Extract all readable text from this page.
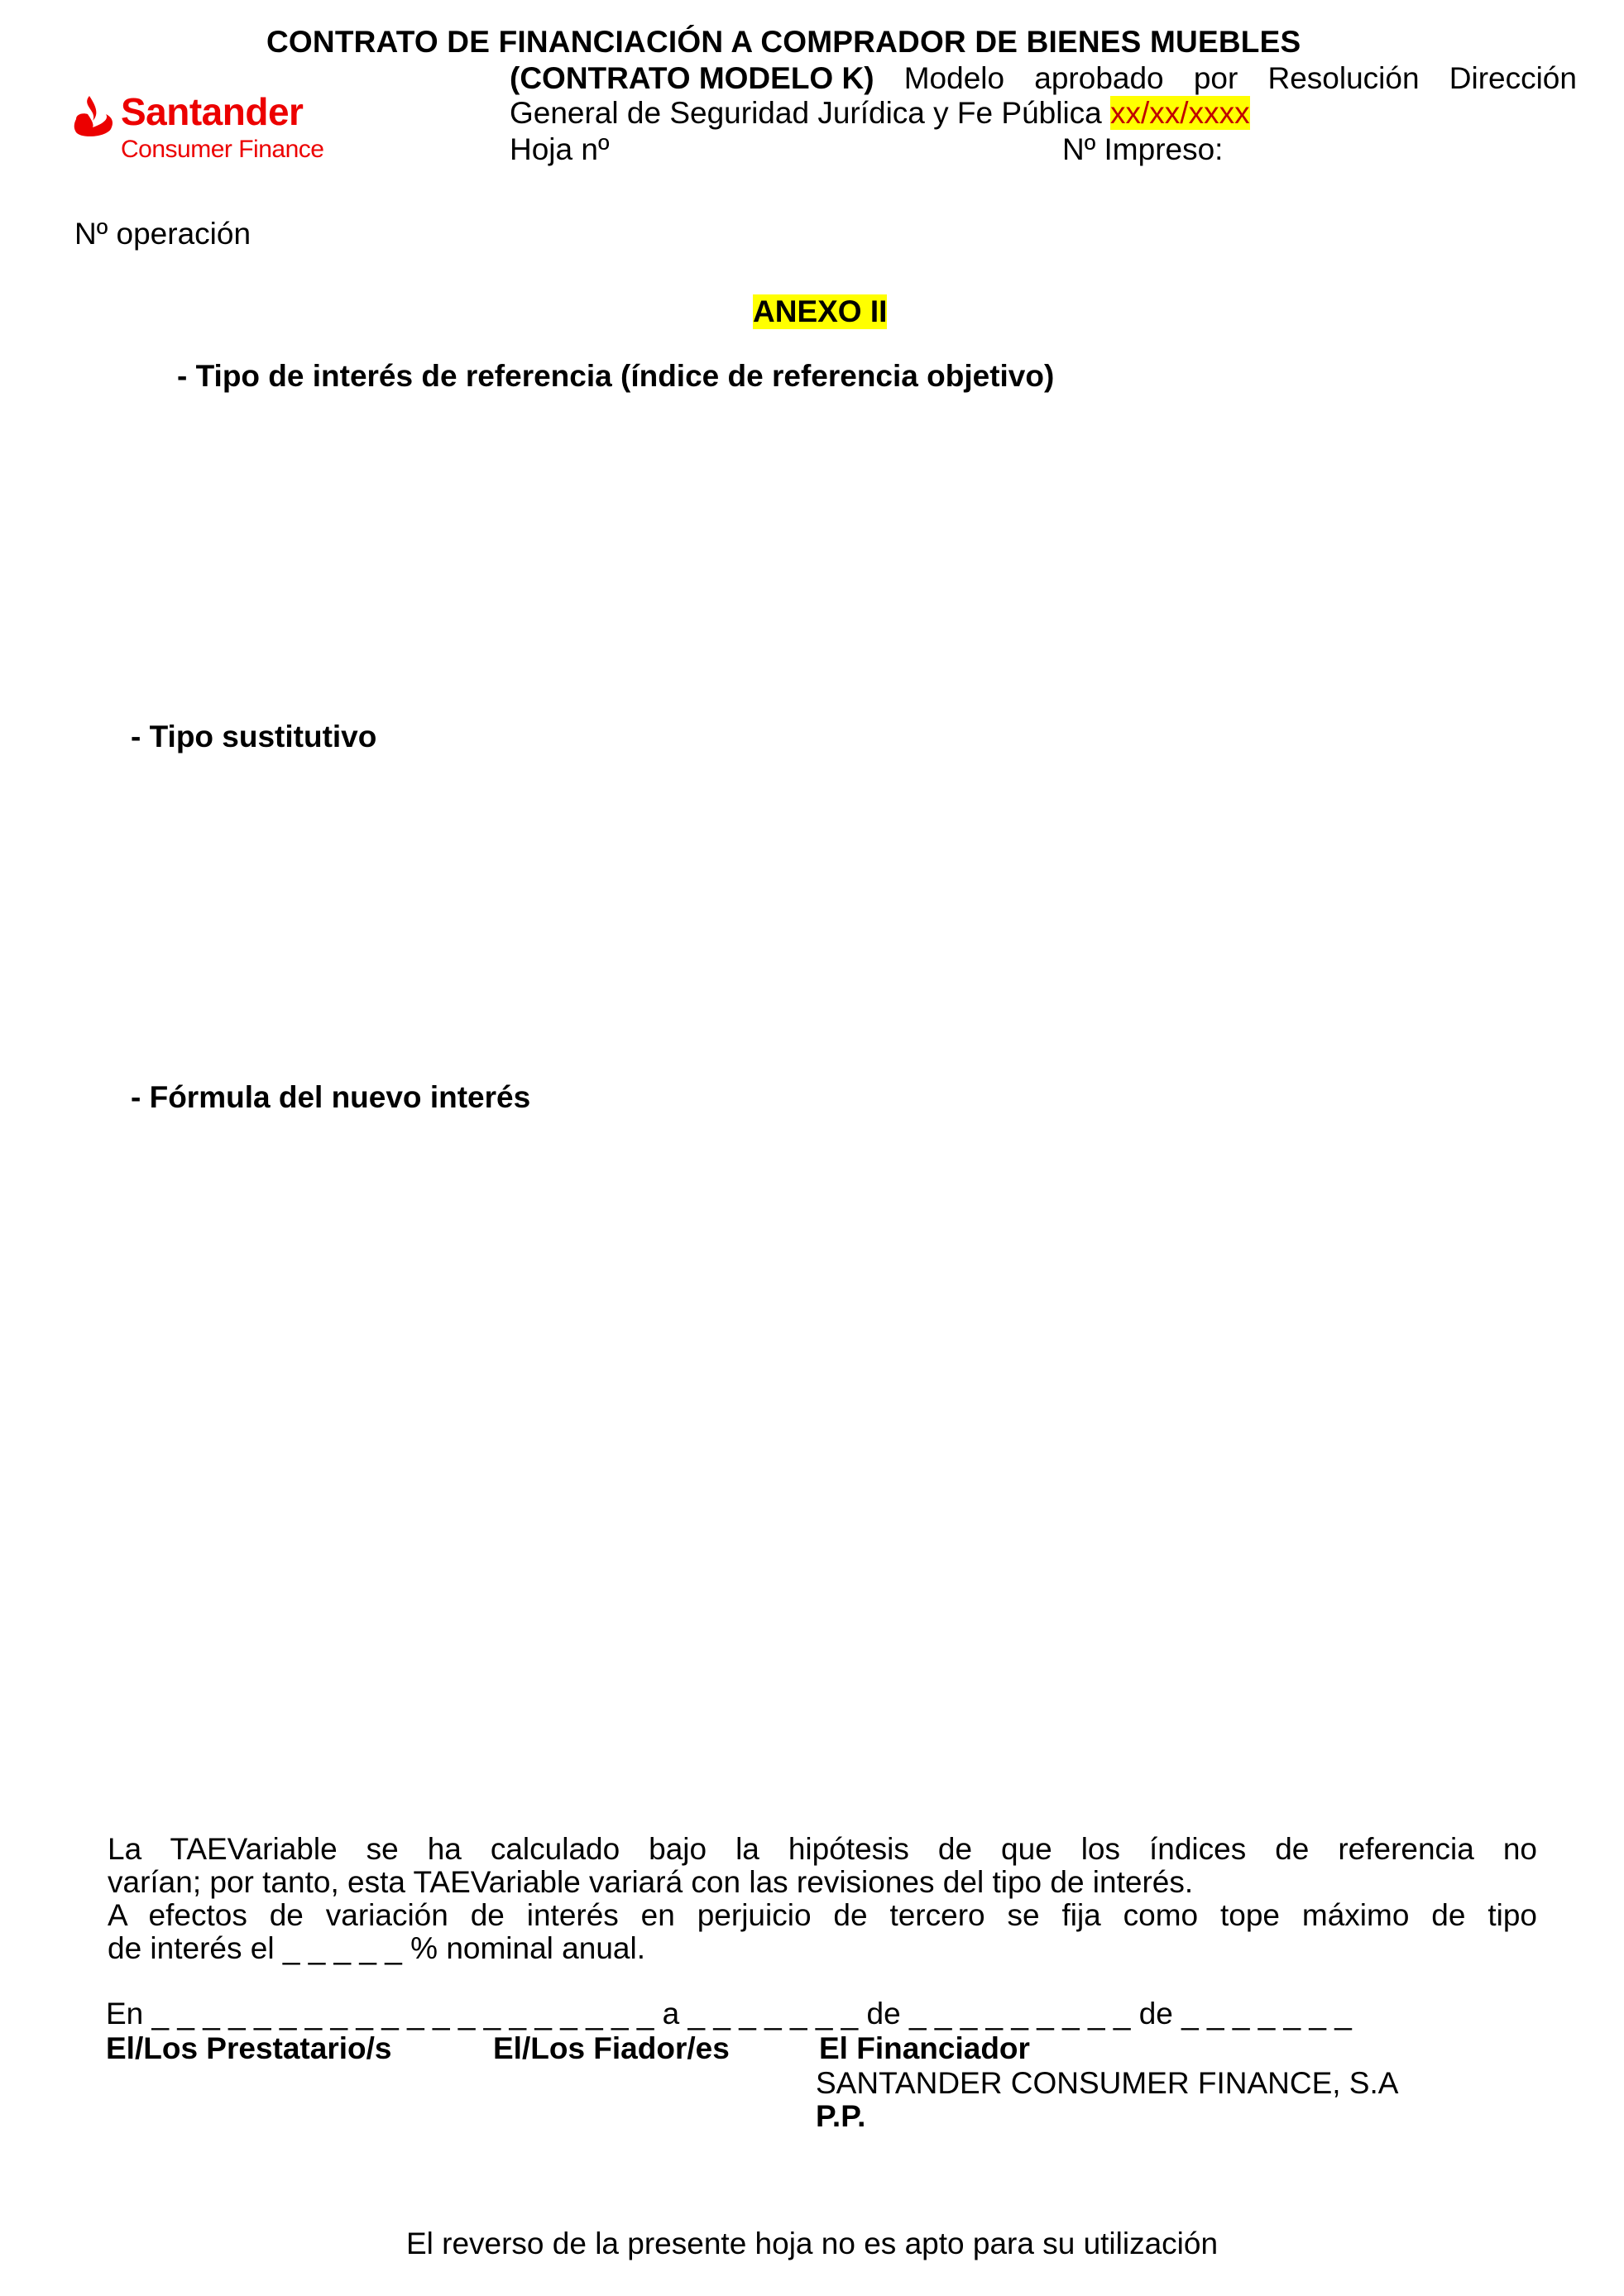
CONTRATO DE FINANCIACIÓN A COMPRADOR DE BIENES MUEBLES
(CONTRATO MODELO K) Modelo aprobado por Resolución Dirección
General de Seguridad Jurídica y Fe Pública xx/xx/xxxx
Hoja nº	Nº Impreso:
Santander
Consumer Finance
Nº operación
ANEXO II
- Tipo de interés de referencia (índice de referencia objetivo)
- Tipo sustitutivo
- Fórmula del nuevo interés

La TAEVariable se ha calculado bajo la hipótesis de que los índices de referencia no

varían; por tanto, esta TAEVariable variará con las revisiones del tipo de interés.

A efectos de variación de interés en perjuicio de tercero se fija como tope máximo de tipo

de interés el _ _ _ _ _ % nominal anual.

En _ _ _ _ _ _ _ _ _ _ _ _ _ _ _ _ _ _ _ _ a _ _ _ _ _ _ _ de _ _ _ _ _ _ _ _ _ de _ _ _ _ _ _ _
El/Los Prestatario/s	El/Los Fiador/es	El Financiador
SANTANDER CONSUMER FINANCE, S.A
P.P.
El reverso de la presente hoja no es apto para su utilización
